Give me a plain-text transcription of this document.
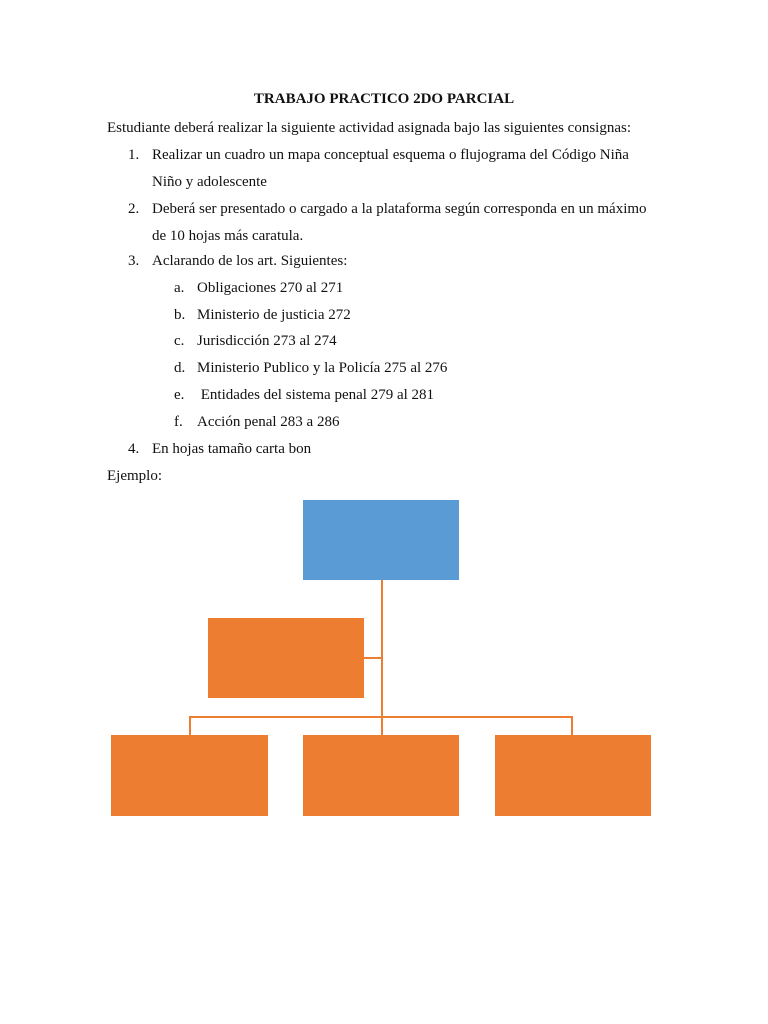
TRABAJO PRACTICO 2DO PARCIAL
Estudiante deberá realizar la siguiente actividad asignada bajo las siguientes consignas:
1. Realizar un cuadro un mapa conceptual esquema o flujograma del Código Niña
Niño y adolescente
2. Deberá ser presentado o cargado a la plataforma según corresponda en un máximo
de 10 hojas más caratula.
3. Aclarando de los art. Siguientes:
a. Obligaciones 270 al 271
b. Ministerio de justicia 272
c. Jurisdicción 273 al 274
d. Ministerio Publico y la Policía 275 al 276
e. Entidades del sistema penal 279 al 281
f. Acción penal 283 a 286
4. En hojas tamaño carta bon
Ejemplo:
